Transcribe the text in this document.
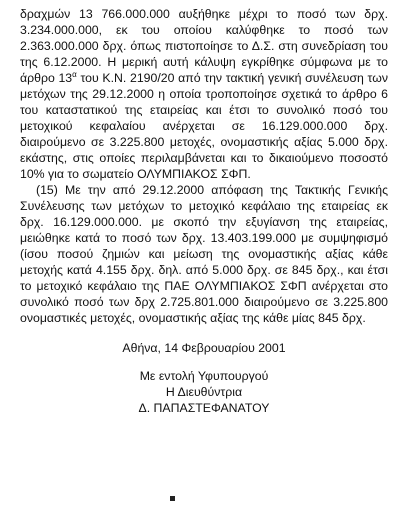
δραχμών 13 766.000.000 αυξήθηκε μέχρι το ποσό των δρχ. 3.234.000.000, εκ του οποίου καλύφθηκε το ποσό των 2.363.000.000 δρχ. όπως πιστοποίησε το Δ.Σ. στη συνεδρίαση του της 6.12.2000. Η μερική αυτή κάλυψη εγκρίθηκε σύμφωνα με το άρθρο $13^\alpha$ του Κ.Ν. 2190/20 από την τακτική γενική συνέλευση των μετόχων της 29.12.2000 η οποία τροποποίησε σχετικά το άρθρο 6 του καταστατικού της εταιρείας και έτσι το συνολικό ποσό του μετοχικού κεφαλαίου ανέρχεται σε 16.129.000.000 δρχ. διαιρούμενο σε 3.225.800 μετοχές, ονομαστικής αξίας 5.000 δρχ. εκάστης, στις οποίες περιλαμβάνεται και το δικαιούμενο ποσοστό 10% για το σωματείο ΟΛΥΜΠΙΑΚΟΣ ΣΦΠ.

(15) Με την από 29.12.2000 απόφαση της Τακτικής Γενικής Συνέλευσης των μετόχων το μετοχικό κεφάλαιο της εταιρείας εκ δρχ. 16.129.000.000. με σκοπό την εξυγίανση της εταιρείας, μειώθηκε κατά το ποσό των δρχ. 13.403.199.000 με συμψηφισμό (ίσου ποσού ζημιών και μείωση της ονομαστικής αξίας κάθε μετοχής κατά 4.155 δρχ. δηλ. από 5.000 δρχ. σε 845 δρχ., και έτσι το μετοχικό κεφάλαιο της ΠΑΕ ΟΛΥΜΠΙΑΚΟΣ ΣΦΠ ανέρχεται στο συνολικό ποσό των δρχ 2.725.801.000 διαιρούμενο σε 3.225.800 ονομαστικές μετοχές, ονομαστικής αξίας της κάθε μίας 845 δρχ.

Αθήνα, 14 Φεβρουαρίου 2001

Με εντολή Υφυπουργού

Η Διευθύντρια

Δ. ΠΑΠΑΣΤΕΦΑΝΑΤΟΥ
